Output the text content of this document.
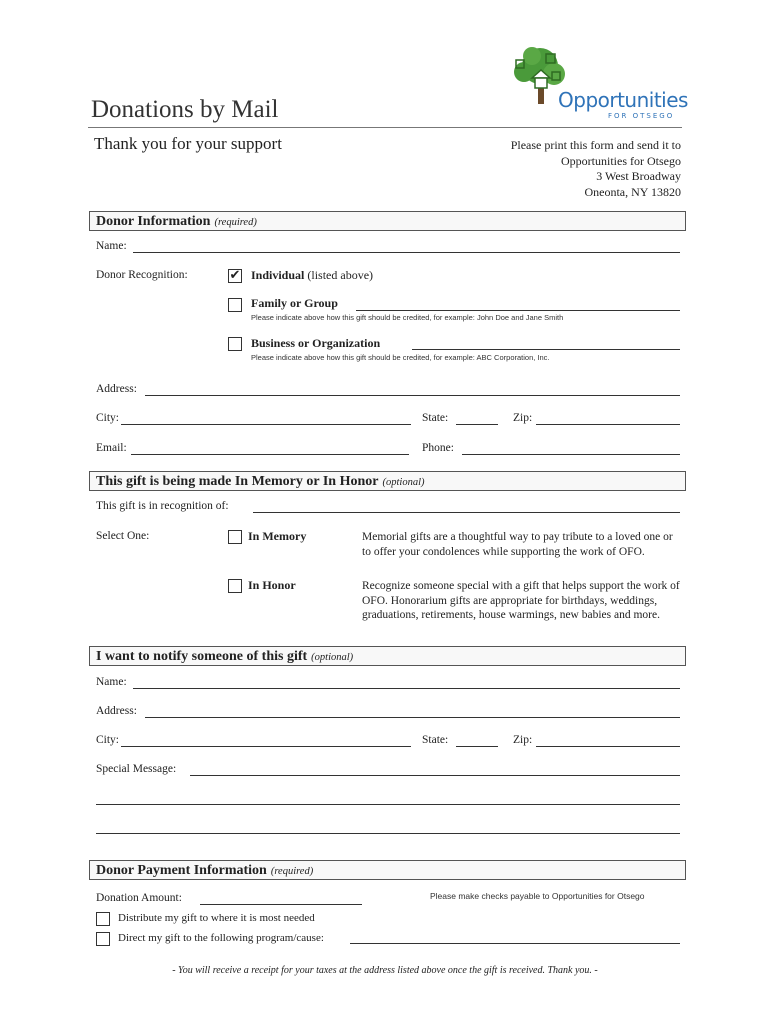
Opportunities
FOR OTSEGO
Donations by Mail
Thank you for your support	Please print this form and send it to
Opportunities for Otsego
3 West Broadway
Oneonta, NY 13820
Donor Information (required)
Name:
Donor Recognition:	✔ Individual (listed above)
Family or Group
Please indicate above how this gift should be credited, for example: John Doe and Jane Smith
Business or Organization
Please indicate above how this gift should be credited, for example: ABC Corporation, Inc.
Address:
City:	State:	Zip:
Email:	Phone:
This gift is being made In Memory or In Honor (optional)
This gift is in recognition of:
Select One:	In Memory	Memorial gifts are a thoughtful way to pay tribute to a loved one or to offer your condolences while supporting the work of OFO.
In Honor	Recognize someone special with a gift that helps support the work of OFO. Honorarium gifts are appropriate for birthdays, weddings, graduations, retirements, house warmings, new babies and more.
I want to notify someone of this gift (optional)
Name:
Address:
City:	State:	Zip:
Special Message:
Donor Payment Information (required)
Donation Amount:	Please make checks payable to Opportunities for Otsego
Distribute my gift to where it is most needed
Direct my gift to the following program/cause:
- You will receive a receipt for your taxes at the address listed above once the gift is received. Thank you. -
